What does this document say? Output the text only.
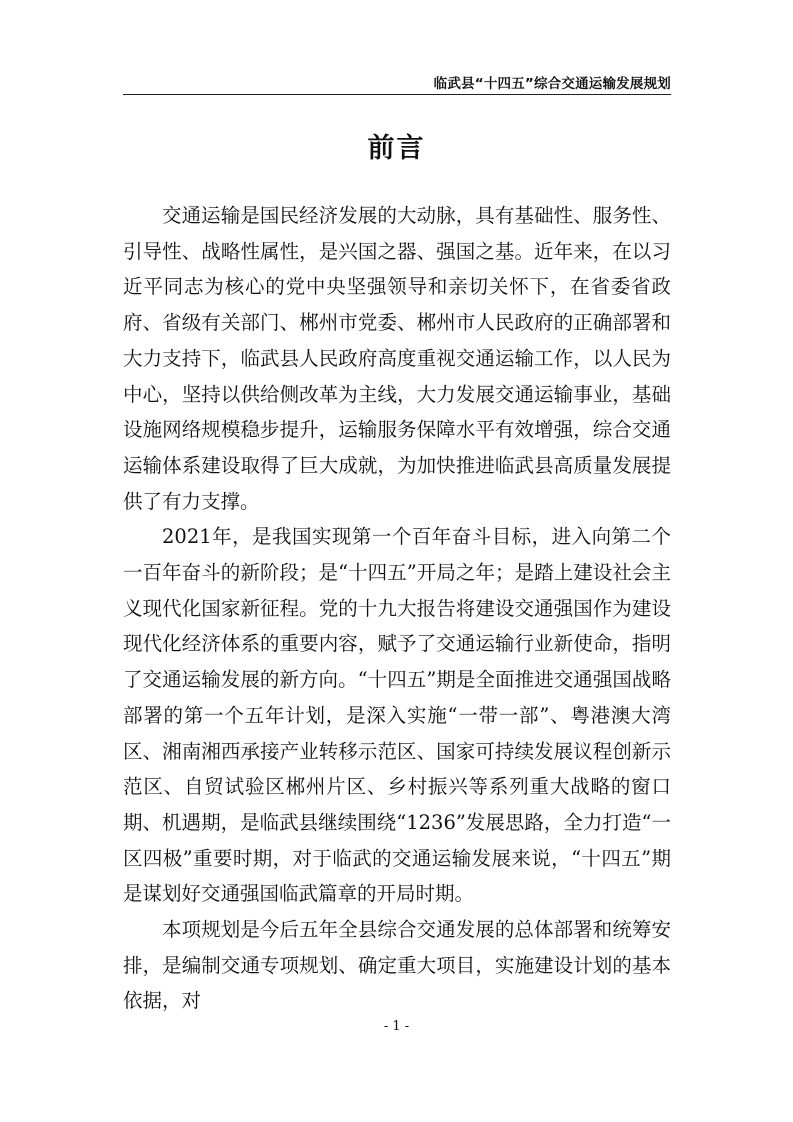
临武县“十四五”综合交通运输发展规划
前言

交通运输是国民经济发展的大动脉，具有基础性、服务性、引导性、战略性属性，是兴国之器、强国之基。近年来，在以习近平同志为核心的党中央坚强领导和亲切关怀下，在省委省政府、省级有关部门、郴州市党委、郴州市人民政府的正确部署和大力支持下，临武县人民政府高度重视交通运输工作，以人民为中心，坚持以供给侧改革为主线，大力发展交通运输事业，基础设施网络规模稳步提升，运输服务保障水平有效增强，综合交通运输体系建设取得了巨大成就，为加快推进临武县高质量发展提供了有力支撑。

2021年，是我国实现第一个百年奋斗目标，进入向第二个一百年奋斗的新阶段；是“十四五”开局之年；是踏上建设社会主义现代化国家新征程。党的十九大报告将建设交通强国作为建设现代化经济体系的重要内容，赋予了交通运输行业新使命，指明了交通运输发展的新方向。“十四五”期是全面推进交通强国战略部署的第一个五年计划，是深入实施“一带一部”、粤港澳大湾区、湘南湘西承接产业转移示范区、国家可持续发展议程创新示范区、自贸试验区郴州片区、乡村振兴等系列重大战略的窗口期、机遇期，是临武县继续围绕“1236”发展思路，全力打造“一区四极”重要时期，对于临武的交通运输发展来说，“十四五”期是谋划好交通强国临武篇章的开局时期。

本项规划是今后五年全县综合交通发展的总体部署和统筹安排，是编制交通专项规划、确定重大项目，实施建设计划的基本依据，对

- 1 -
